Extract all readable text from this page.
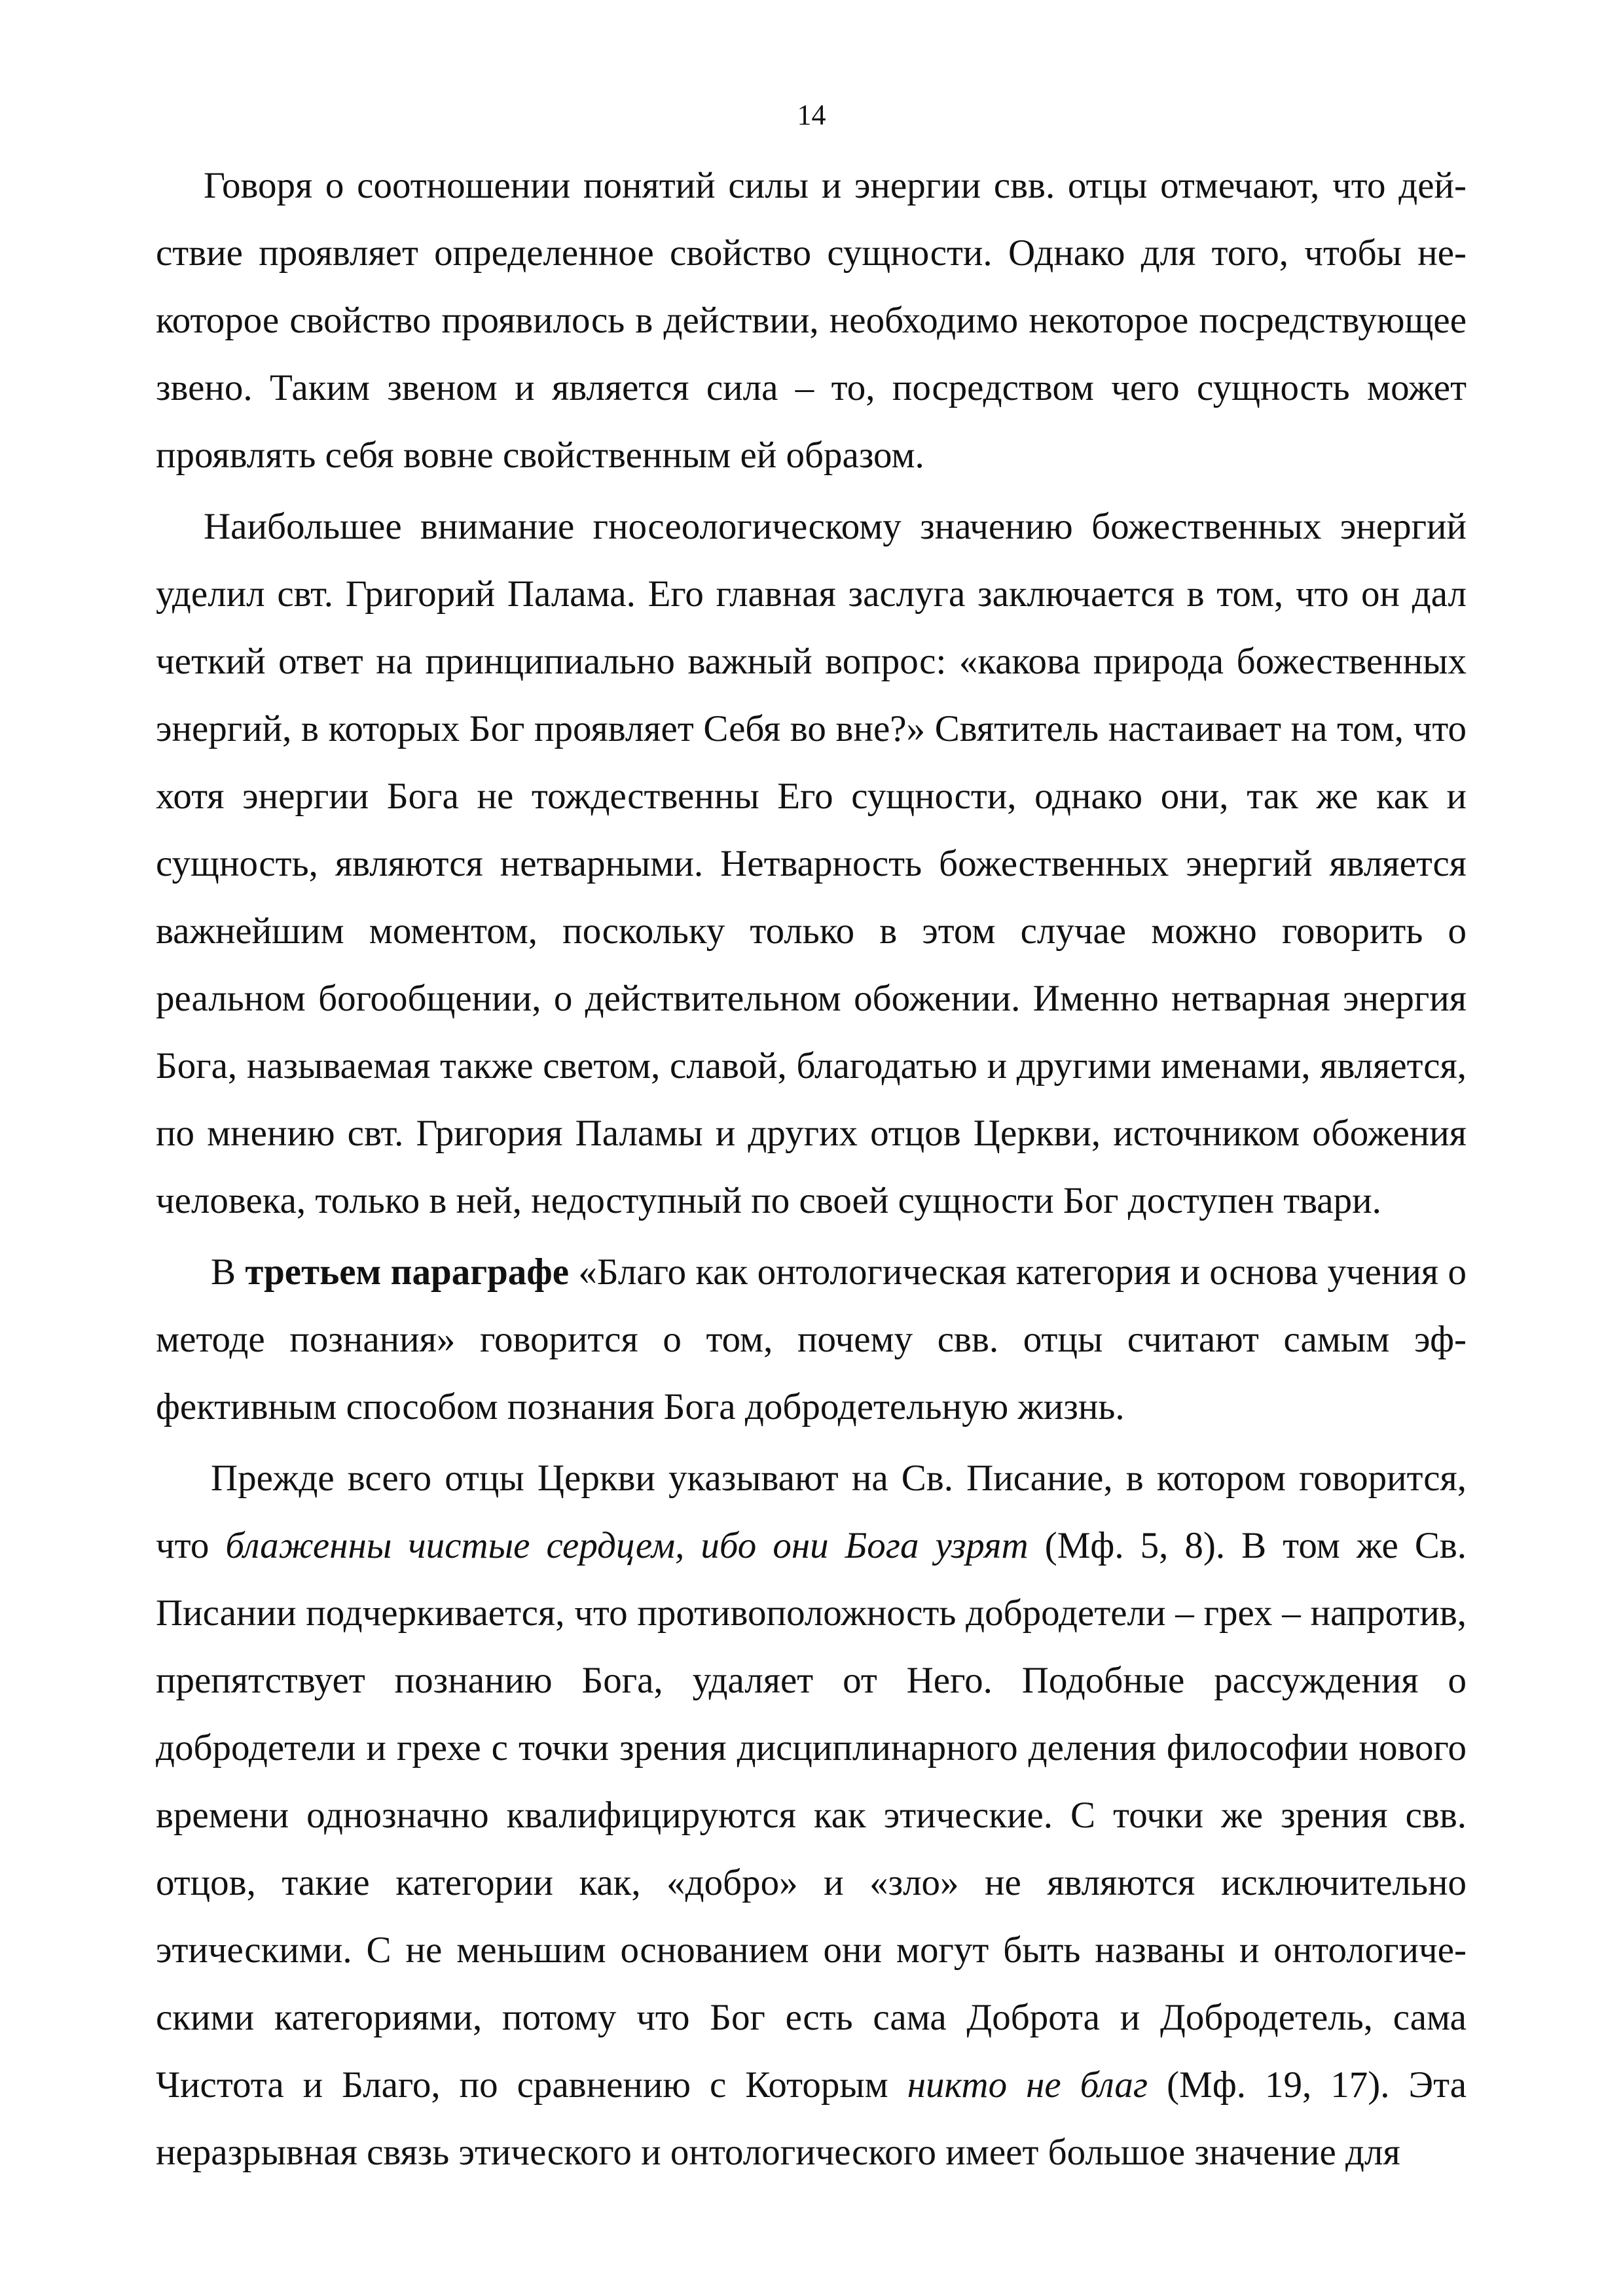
14

Говоря о соотношении понятий силы и энергии свв. отцы отмечают, что действие проявляет определенное свойство сущности. Однако для того, чтобы некоторое свойство проявилось в действии, необходимо некоторое посредствующее звено. Таким звеном и является сила – то, посредством чего сущность может проявлять себя вовне свойственным ей образом.

Наибольшее внимание гносеологическому значению божественных энергий уделил свт. Григорий Палама. Его главная заслуга заключается в том, что он дал четкий ответ на принципиально важный вопрос: «какова природа божественных энергий, в которых Бог проявляет Себя во вне?» Святитель настаивает на том, что хотя энергии Бога не тождественны Его сущности, однако они, так же как и сущность, являются нетварными. Нетварность божественных энергий является важнейшим моментом, поскольку только в этом случае можно говорить о реальном богообщении, о действительном обожении. Именно нетварная энергия Бога, называемая также светом, славой, благодатью и другими именами, является, по мнению свт. Григория Паламы и других отцов Церкви, источником обожения человека, только в ней, недоступный по своей сущности Бог доступен твари.

В третьем параграфе «Благо как онтологическая категория и основа учения о методе познания» говорится о том, почему свв. отцы считают самым эффективным способом познания Бога добродетельную жизнь.

Прежде всего отцы Церкви указывают на Св. Писание, в котором говорится, что блаженны чистые сердцем, ибо они Бога узрят (Мф. 5, 8). В том же Св. Писании подчеркивается, что противоположность добродетели – грех – напротив, препятствует познанию Бога, удаляет от Него. Подобные рассуждения о добродетели и грехе с точки зрения дисциплинарного деления философии нового времени однозначно квалифицируются как этические. С точки же зрения свв. отцов, такие категории как, «добро» и «зло» не являются исключительно этическими. С не меньшим основанием они могут быть названы и онтологическими категориями, потому что Бог есть сама Доброта и Добродетель, сама Чистота и Благо, по сравнению с Которым никто не благ (Мф. 19, 17). Эта неразрывная связь этического и онтологического имеет большое значение для
